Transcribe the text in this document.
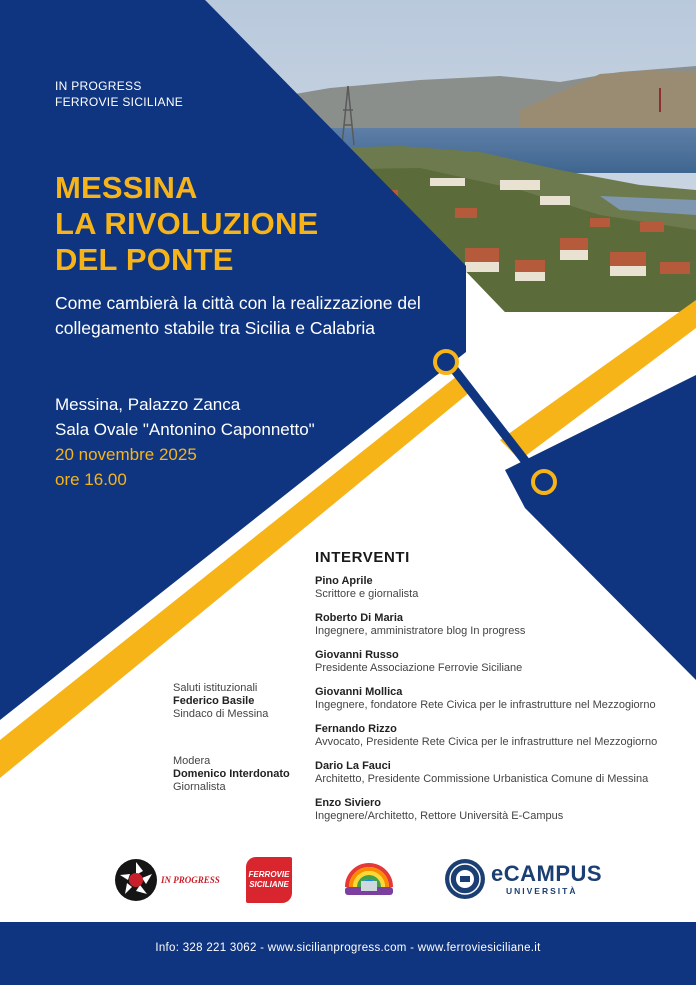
IN PROGRESS
FERROVIE SICILIANE
MESSINA
LA RIVOLUZIONE
DEL PONTE
Come cambierà la città con la realizzazione del collegamento stabile tra Sicilia e Calabria
Messina, Palazzo Zanca
Sala Ovale "Antonino Caponnetto"
20 novembre 2025
ore 16.00
INTERVENTI
Pino Aprile
Scrittore e giornalista
Roberto Di Maria
Ingegnere, amministratore blog In progress
Giovanni Russo
Presidente Associazione Ferrovie Siciliane
Giovanni Mollica
Ingegnere, fondatore Rete Civica per le infrastrutture nel Mezzogiorno
Fernando Rizzo
Avvocato, Presidente Rete Civica per le infrastrutture nel Mezzogiorno
Dario La Fauci
Architetto, Presidente Commissione Urbanistica Comune di Messina
Enzo Siviero
Ingegnere/Architetto, Rettore Università E-Campus
Saluti istituzionali
Federico Basile
Sindaco di Messina
Modera
Domenico Interdonato
Giornalista
IN PROGRESS
FERROVIE
SICILIANE	eCAMPUS
UNIVERSITÀ
Info: 328 221 3062 - www.sicilianprogress.com - www.ferroviesiciliane.it
